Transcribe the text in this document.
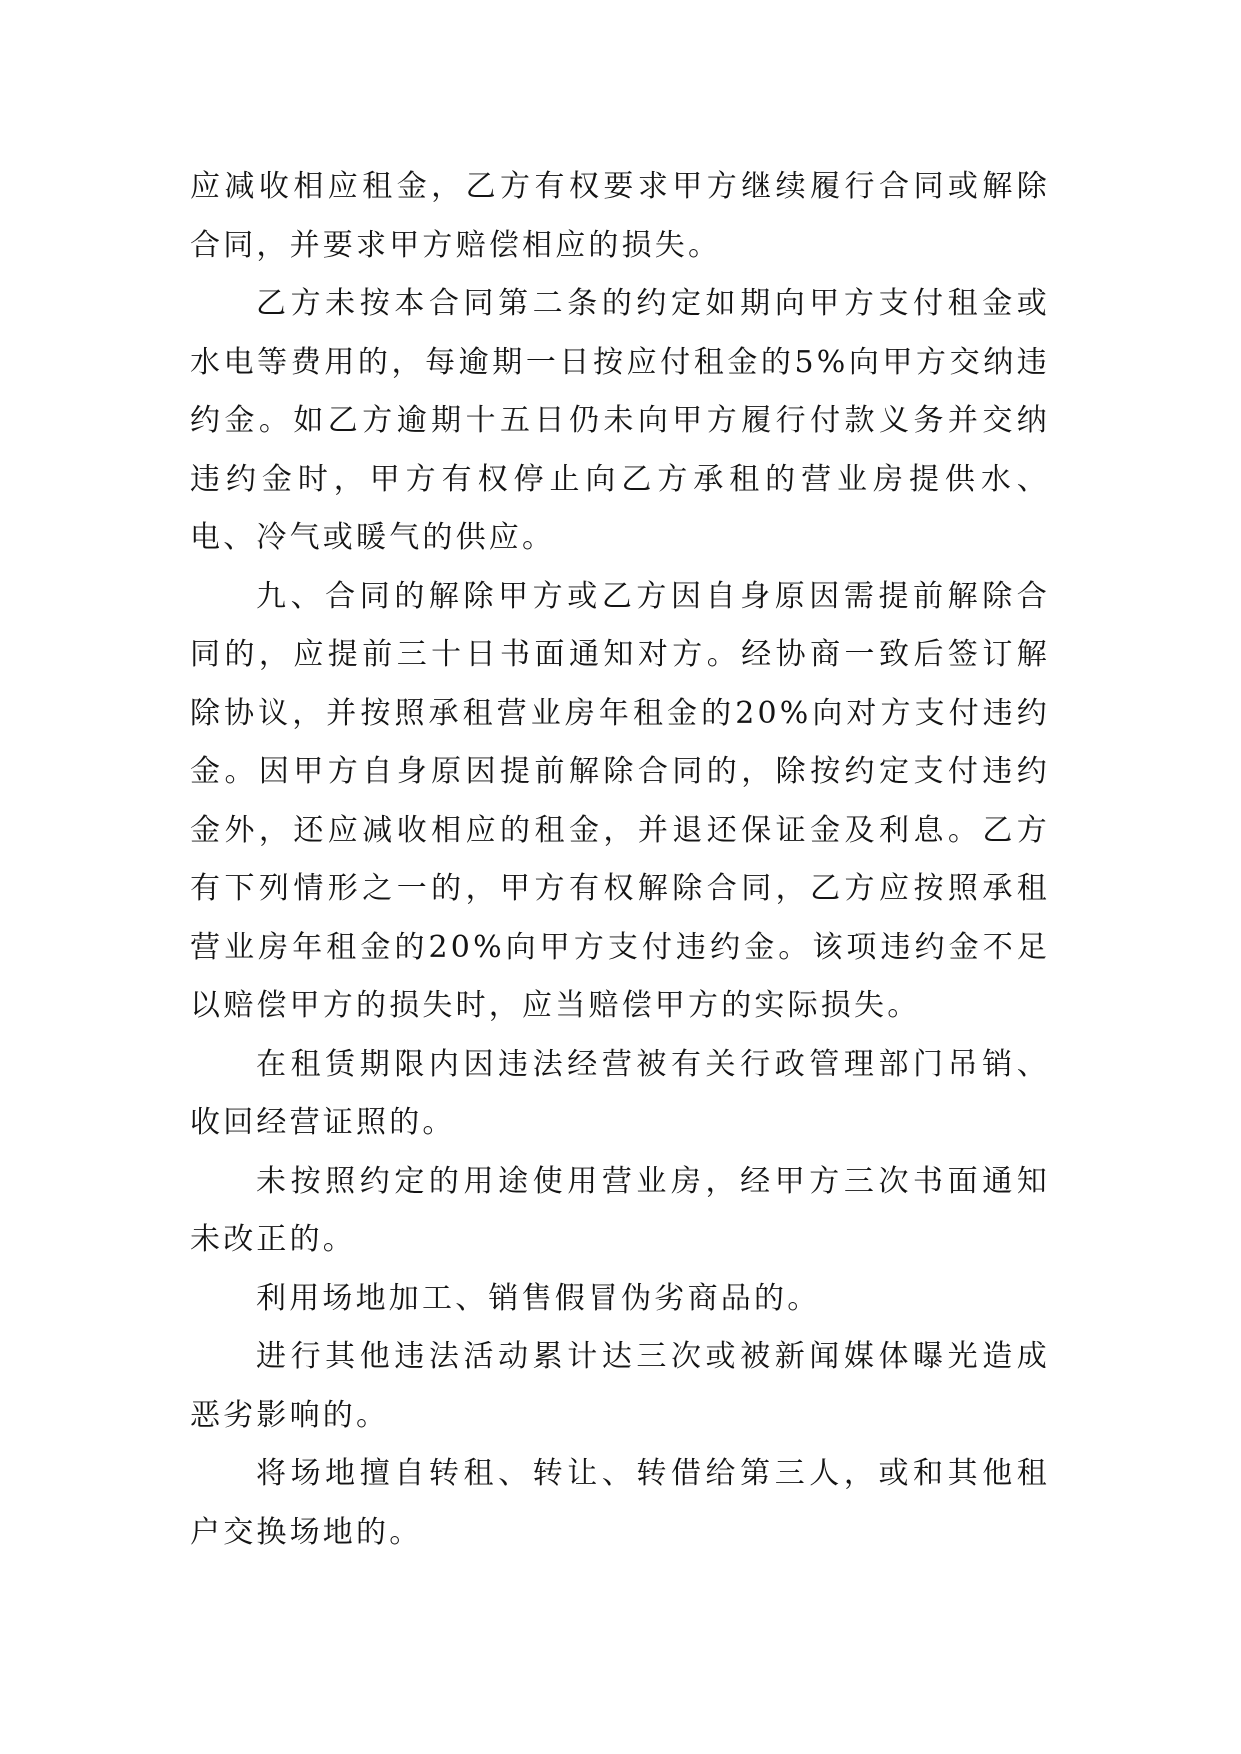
应减收相应租金，乙方有权要求甲方继续履行合同或解除合同，并要求甲方赔偿相应的损失。

乙方未按本合同第二条的约定如期向甲方支付租金或水电等费用的，每逾期一日按应付租金的5%向甲方交纳违约金。如乙方逾期十五日仍未向甲方履行付款义务并交纳违约金时，甲方有权停止向乙方承租的营业房提供水、电、冷气或暖气的供应。

九、合同的解除甲方或乙方因自身原因需提前解除合同的，应提前三十日书面通知对方。经协商一致后签订解除协议，并按照承租营业房年租金的20%向对方支付违约金。因甲方自身原因提前解除合同的，除按约定支付违约金外，还应减收相应的租金，并退还保证金及利息。乙方有下列情形之一的，甲方有权解除合同，乙方应按照承租营业房年租金的20%向甲方支付违约金。该项违约金不足以赔偿甲方的损失时，应当赔偿甲方的实际损失。

在租赁期限内因违法经营被有关行政管理部门吊销、收回经营证照的。

未按照约定的用途使用营业房，经甲方三次书面通知未改正的。

利用场地加工、销售假冒伪劣商品的。

进行其他违法活动累计达三次或被新闻媒体曝光造成恶劣影响的。

将场地擅自转租、转让、转借给第三人，或和其他租户交换场地的。
